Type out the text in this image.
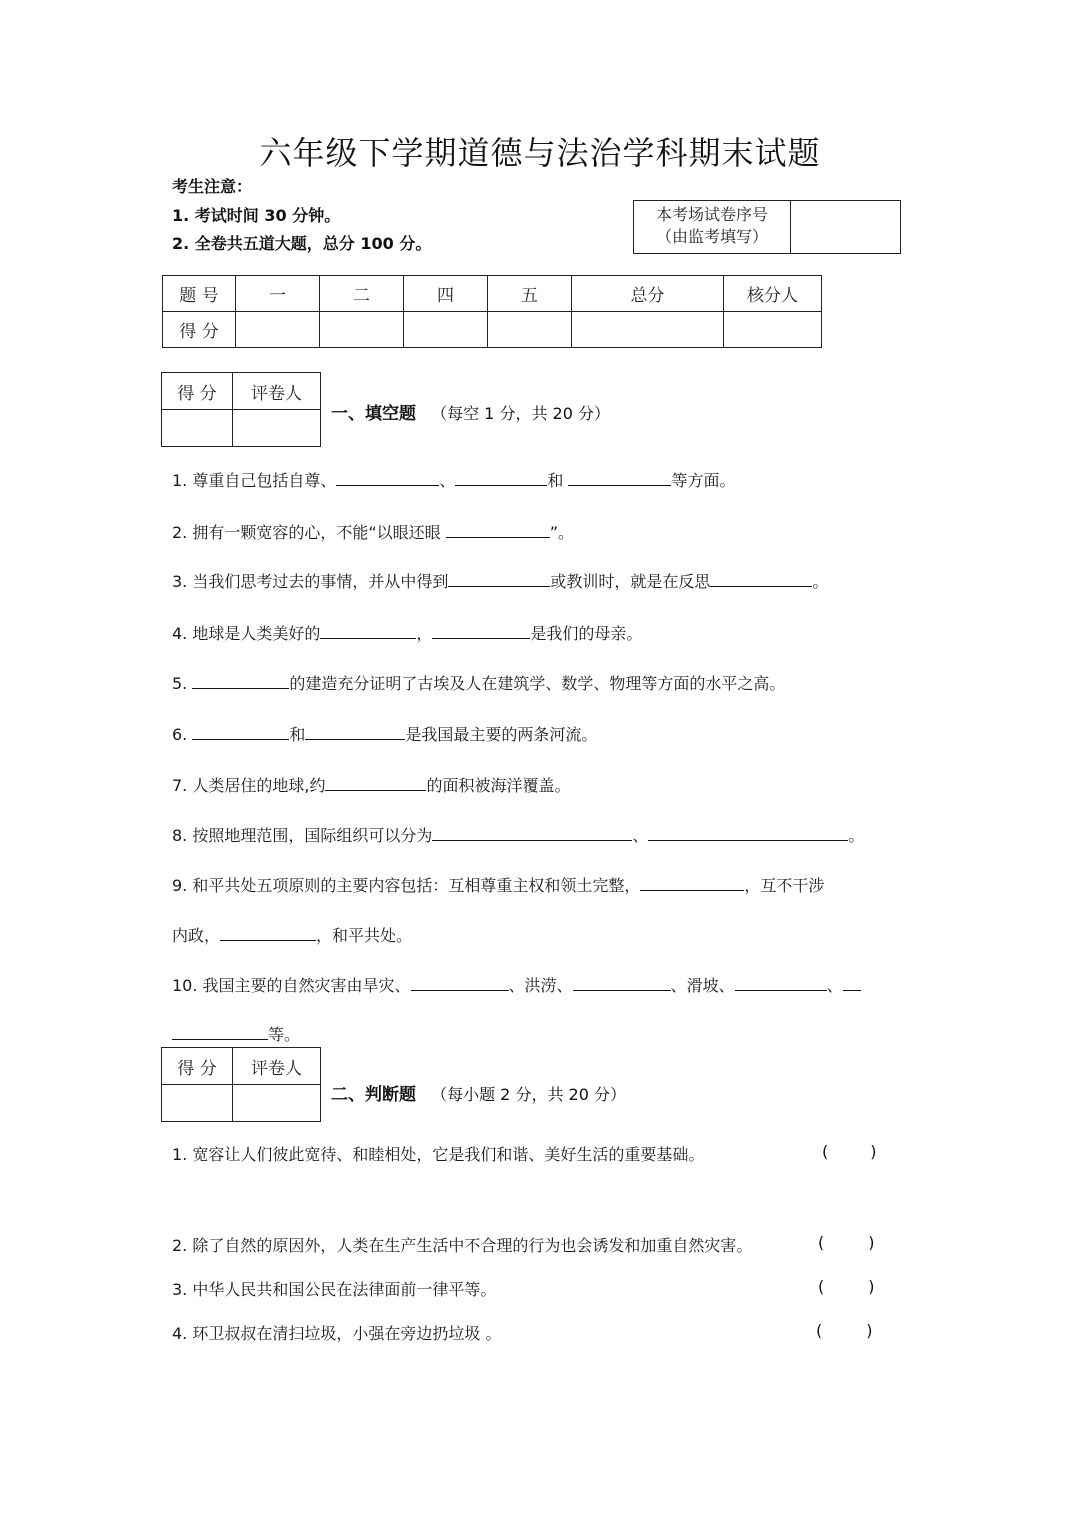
六年级下学期道德与法治学科期末试题
考生注意：
1. 考试时间 30 分钟。
2. 全卷共五道大题，总分 100 分。
本考场试卷序号
（由监考填写）
题 号	一	二	四	五	总分	核分人
得 分						
得 分	评卷人

一、填空题 （每空 1 分，共 20 分）
1. 尊重自己包括自尊、	、	和	等方面。
2. 拥有一颗宽容的心，不能“以眼还眼	”。
3. 当我们思考过去的事情，并从中得到	或教训时，就是在反思	。
4. 地球是人类美好的	，	是我们的母亲。
5.	的建造充分证明了古埃及人在建筑学、数学、物理等方面的水平之高。
6.	和	是我国最主要的两条河流。
7. 人类居住的地球,约	的面积被海洋覆盖。
8. 按照地理范围，国际组织可以分为	、	。
9. 和平共处五项原则的主要内容包括：互相尊重主权和领土完整，	，互不干涉
内政，	，和平共处。
10. 我国主要的自然灾害由旱灾、	、洪涝、	、滑坡、	、
等。
得 分	评卷人

二、判断题 （每小题 2 分，共 20 分）
1. 宽容让人们彼此宽待、和睦相处，它是我们和谐、美好生活的重要基础。	(	)
2. 除了自然的原因外，人类在生产生活中不合理的行为也会诱发和加重自然灾害。	(	)
3. 中华人民共和国公民在法律面前一律平等。	(	)
4. 环卫叔叔在清扫垃圾，小强在旁边扔垃圾 。	(	)
